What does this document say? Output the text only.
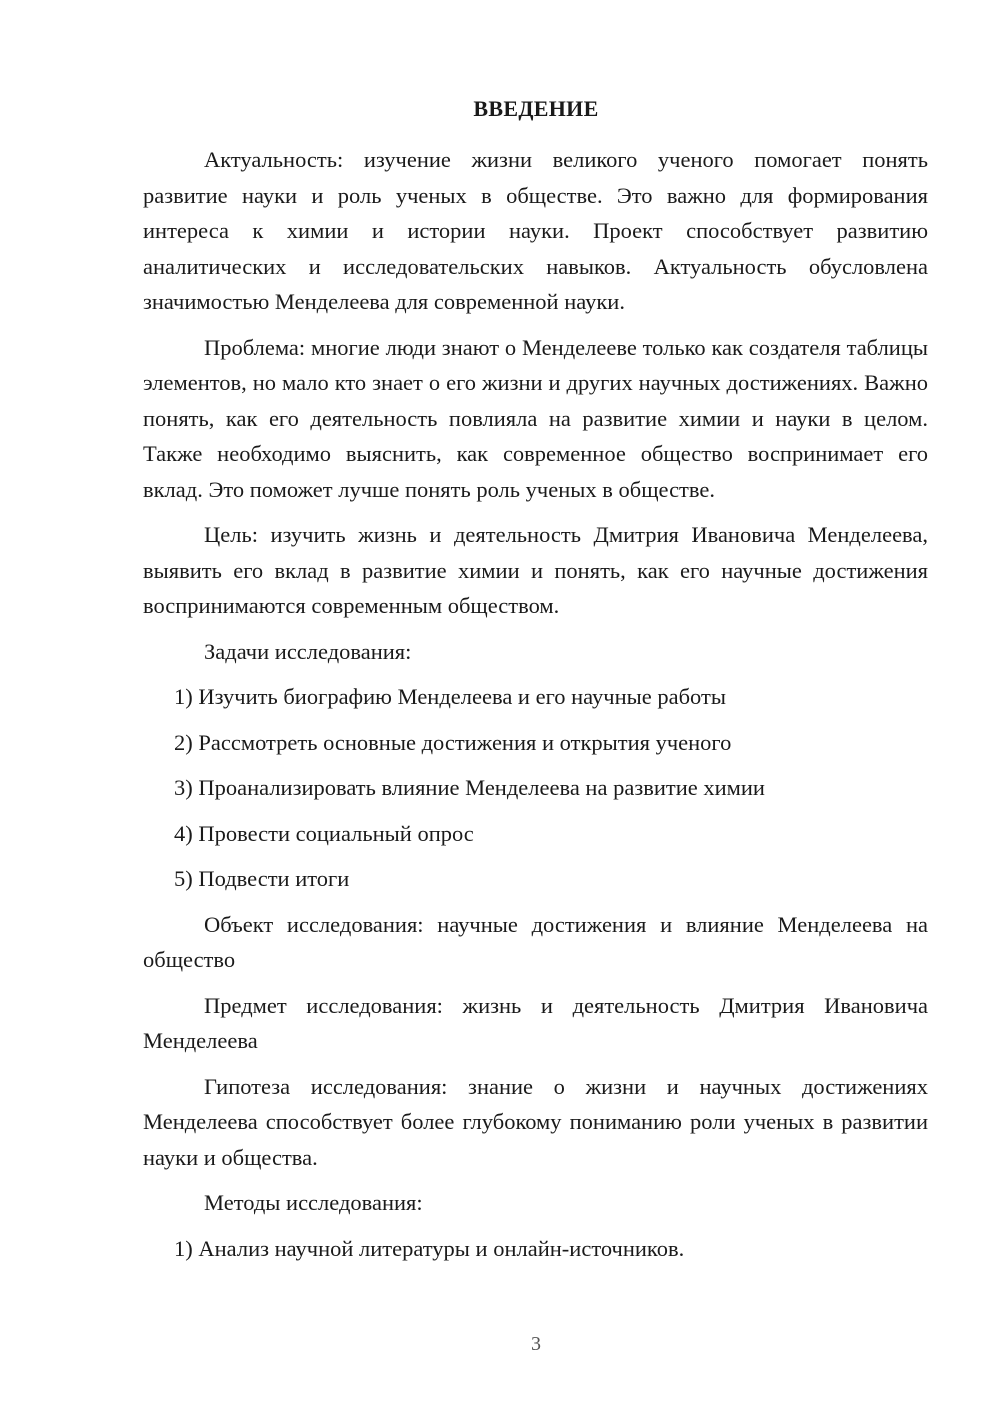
ВВЕДЕНИЕ

Актуальность: изучение жизни великого ученого помогает понять развитие науки и роль ученых в обществе. Это важно для формирования интереса к химии и истории науки. Проект способствует развитию аналитических и исследовательских навыков. Актуальность обусловлена значимостью Менделеева для современной науки.

Проблема: многие люди знают о Менделееве только как создателя таблицы элементов, но мало кто знает о его жизни и других научных достижениях. Важно понять, как его деятельность повлияла на развитие химии и науки в целом. Также необходимо выяснить, как современное общество воспринимает его вклад. Это поможет лучше понять роль ученых в обществе.

Цель: изучить жизнь и деятельность Дмитрия Ивановича Менделеева, выявить его вклад в развитие химии и понять, как его научные достижения воспринимаются современным обществом.

Задачи исследования:

1) Изучить биографию Менделеева и его научные работы

2) Рассмотреть основные достижения и открытия ученого

3) Проанализировать влияние Менделеева на развитие химии

4) Провести социальный опрос

5) Подвести итоги

Объект исследования: научные достижения и влияние Менделеева на общество

Предмет исследования: жизнь и деятельность Дмитрия Ивановича Менделеева

Гипотеза исследования: знание о жизни и научных достижениях Менделеева способствует более глубокому пониманию роли ученых в развитии науки и общества.

Методы исследования:

1) Анализ научной литературы и онлайн-источников.

3
